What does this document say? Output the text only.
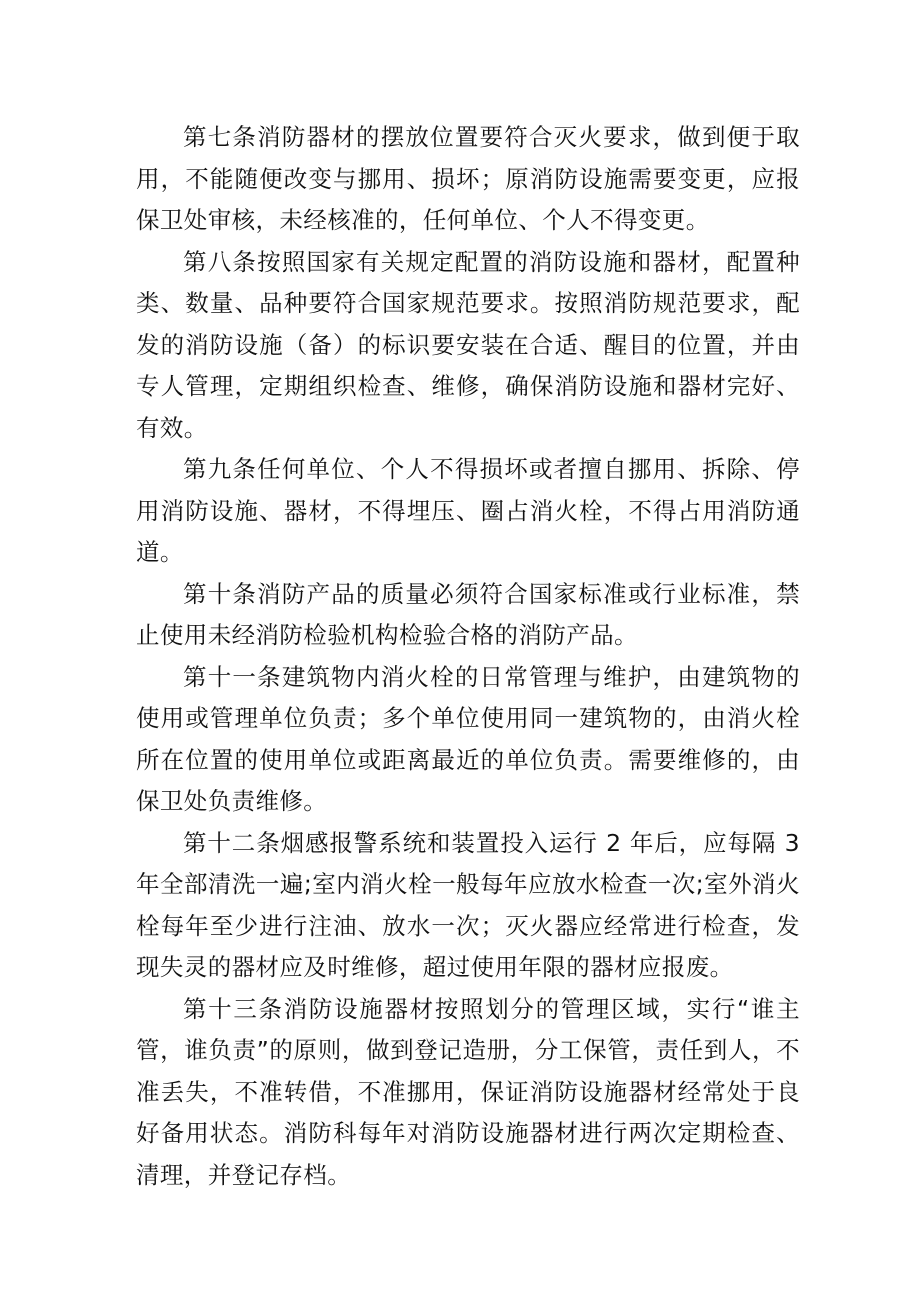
第七条消防器材的摆放位置要符合灭火要求，做到便于取用，不能随便改变与挪用、损坏；原消防设施需要变更，应报保卫处审核，未经核准的，任何单位、个人不得变更。

第八条按照国家有关规定配置的消防设施和器材，配置种类、数量、品种要符合国家规范要求。按照消防规范要求，配发的消防设施（备）的标识要安装在合适、醒目的位置，并由专人管理，定期组织检查、维修，确保消防设施和器材完好、有效。

第九条任何单位、个人不得损坏或者擅自挪用、拆除、停用消防设施、器材，不得埋压、圈占消火栓，不得占用消防通道。

第十条消防产品的质量必须符合国家标准或行业标准，禁止使用未经消防检验机构检验合格的消防产品。

第十一条建筑物内消火栓的日常管理与维护，由建筑物的使用或管理单位负责；多个单位使用同一建筑物的，由消火栓所在位置的使用单位或距离最近的单位负责。需要维修的，由保卫处负责维修。

第十二条烟感报警系统和装置投入运行 2 年后，应每隔 3 年全部清洗一遍;室内消火栓一般每年应放水检查一次;室外消火栓每年至少进行注油、放水一次；灭火器应经常进行检查，发现失灵的器材应及时维修，超过使用年限的器材应报废。

第十三条消防设施器材按照划分的管理区域，实行“谁主管，谁负责”的原则，做到登记造册，分工保管，责任到人，不准丢失，不准转借，不准挪用，保证消防设施器材经常处于良好备用状态。消防科每年对消防设施器材进行两次定期检查、清理，并登记存档。
